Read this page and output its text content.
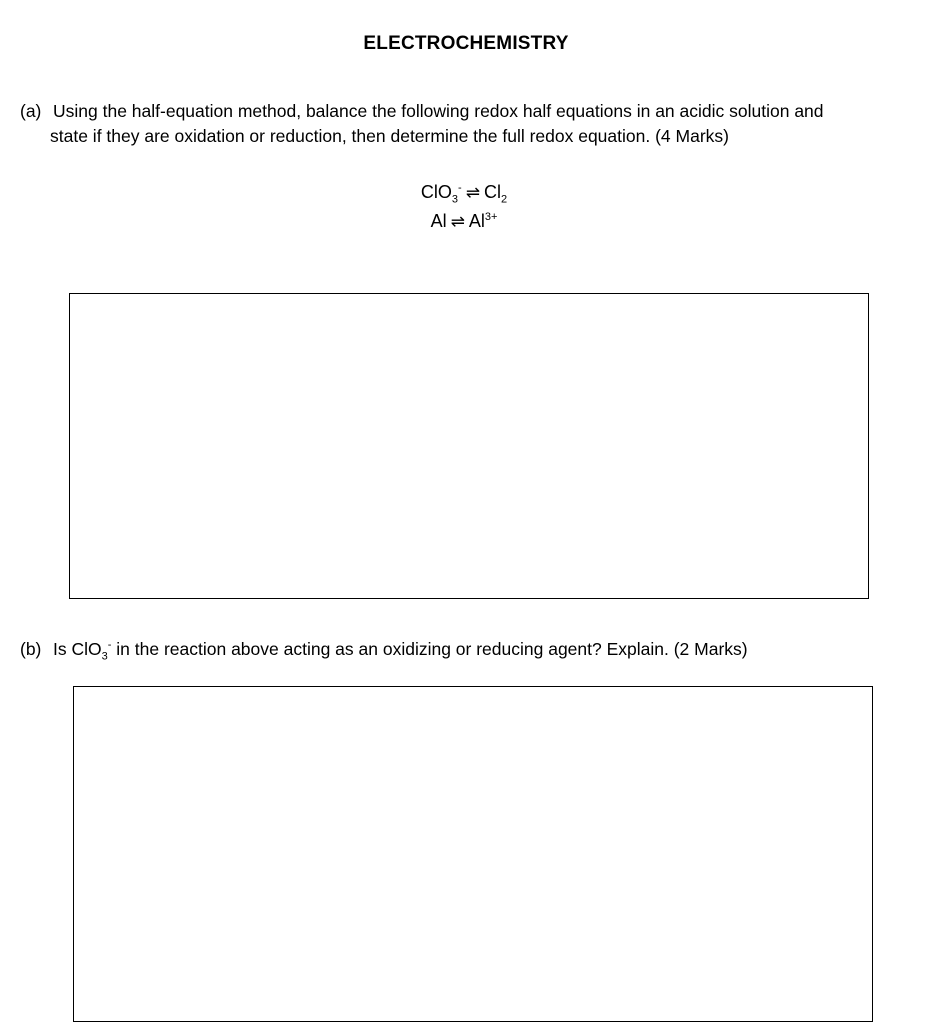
ELECTROCHEMISTRY
(a) Using the half-equation method, balance the following redox half equations in an acidic solution and
state if they are oxidation or reduction, then determine the full redox equation. (4 Marks)
ClO$_3$- ⇌ $Cl_2$
Al ⇌ $Al^{3+}$
(b) Is ClO$_3$- in the reaction above acting as an oxidizing or reducing agent? Explain. (2 Marks)
